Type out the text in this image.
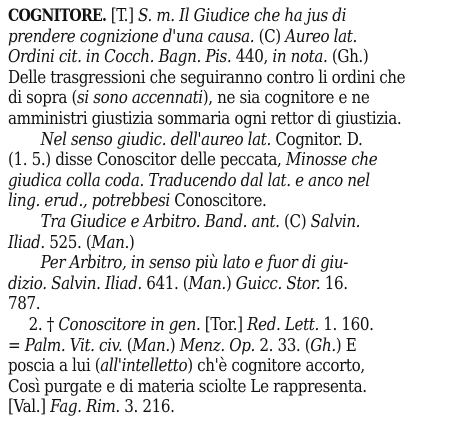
COGNITORE. [T.] S. m. Il Giudice che ha jus di
prendere cognizione d'una causa. (C) Aureo lat.
Ordini cit. in Cocch. Bagn. Pis. 440, in nota. (Gh.)
Delle trasgressioni che seguiranno contro li ordini che
di sopra (si sono accennati), ne sia cognitore e ne
amministri giustizia sommaria ogni rettor di giustizia.
Nel senso giudic. dell'aureo lat. Cognitor. D.
(1. 5.) disse Conoscitor delle peccata, Minosse che
giudica colla coda. Traducendo dal lat. e anco nel
ling. erud., potrebbesi Conoscitore.
Tra Giudice e Arbitro. Band. ant. (C) Salvin.
Iliad. 525. (Man.)
Per Arbitro, in senso più lato e fuor di giu-
dizio. Salvin. Iliad. 641. (Man.) Guicc. Stor. 16.
787.
2. † Conoscitore in gen. [Tor.] Red. Lett. 1. 160.
= Palm. Vit. civ. (Man.) Menz. Op. 2. 33. (Gh.) E
poscia a lui (all'intelletto) ch'è cognitore accorto,
Così purgate e di materia sciolte Le rappresenta.
[Val.] Fag. Rim. 3. 216.
